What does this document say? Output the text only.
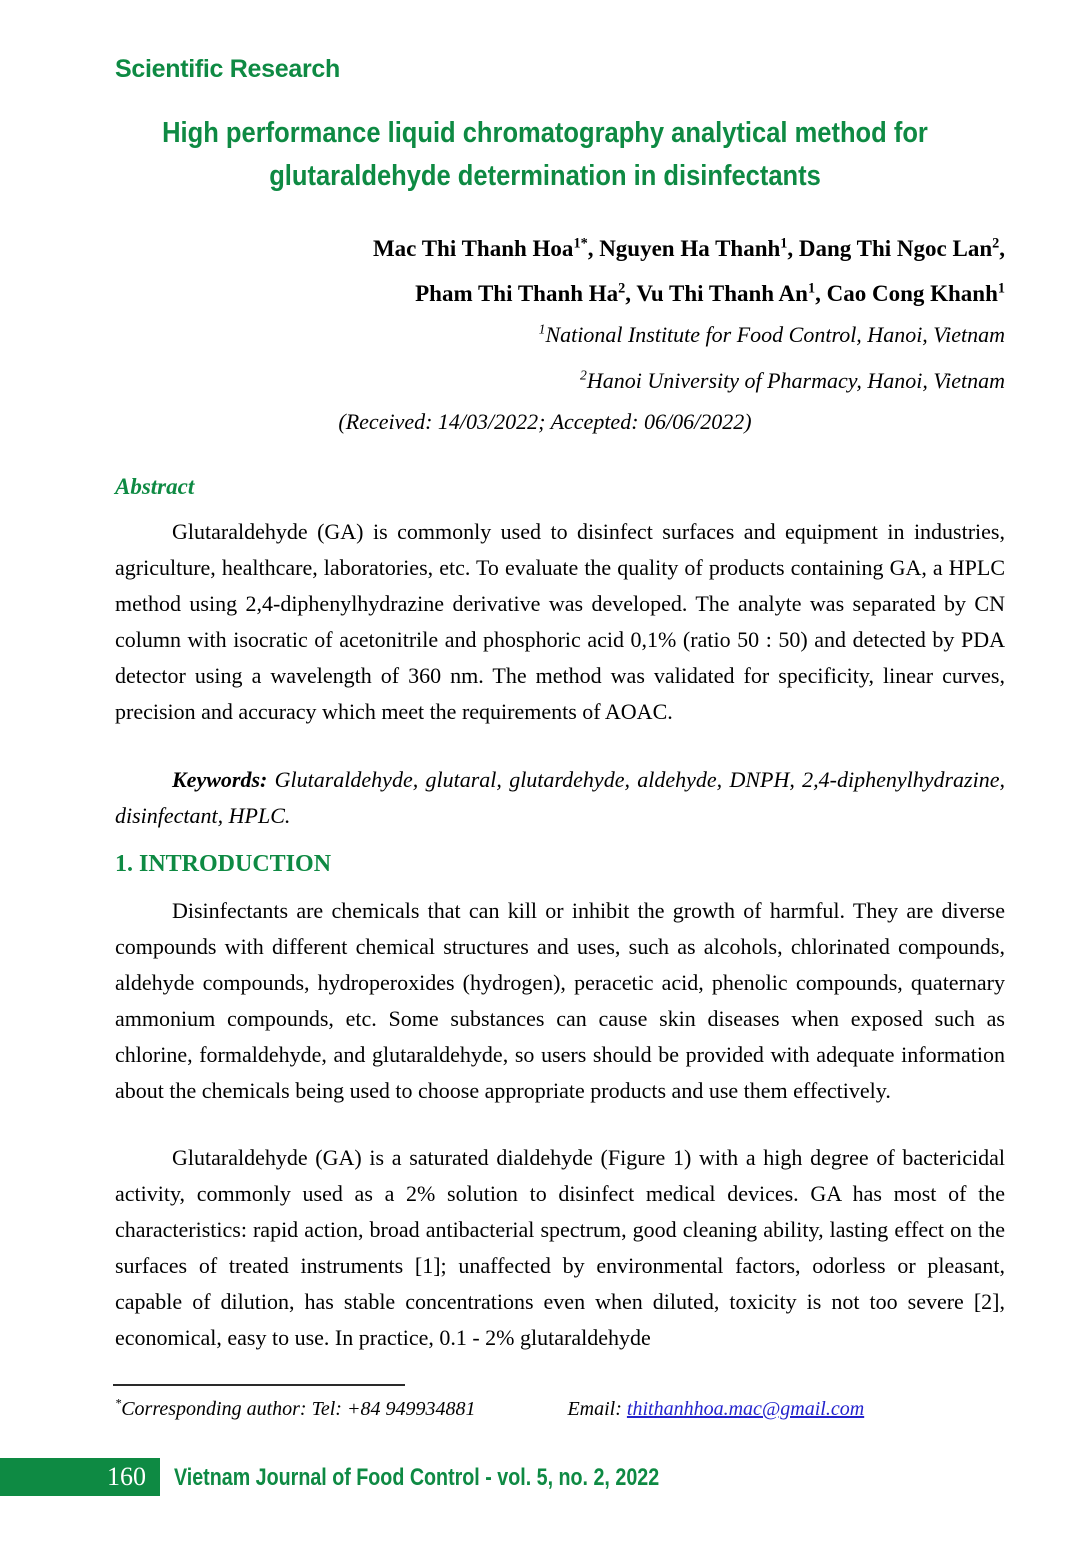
Scientific Research
High performance liquid chromatography analytical method for
glutaraldehyde determination in disinfectants
Mac Thi Thanh Hoa$^{1*}$, Nguyen Ha Thanh$^1$, Dang Thi Ngoc Lan$^2$,
Pham Thi Thanh Ha$^2$, Vu Thi Thanh An$^1$, Cao Cong Khanh$^1$
$^1$National Institute for Food Control, Hanoi, Vietnam
$^2$Hanoi University of Pharmacy, Hanoi, Vietnam
(Received: 14/03/2022; Accepted: 06/06/2022)
Abstract
Glutaraldehyde (GA) is commonly used to disinfect surfaces and equipment in industries, agriculture, healthcare, laboratories, etc. To evaluate the quality of products containing GA, a HPLC method using 2,4-diphenylhydrazine derivative was developed. The analyte was separated by CN column with isocratic of acetonitrile and phosphoric acid 0,1% (ratio 50 : 50) and detected by PDA detector using a wavelength of 360 nm. The method was validated for specificity, linear curves, precision and accuracy which meet the requirements of AOAC.
Keywords: Glutaraldehyde, glutaral, glutardehyde, aldehyde, DNPH, 2,4-diphenylhydrazine, disinfectant, HPLC.
1. INTRODUCTION
Disinfectants are chemicals that can kill or inhibit the growth of harmful. They are diverse compounds with different chemical structures and uses, such as alcohols, chlorinated compounds, aldehyde compounds, hydroperoxides (hydrogen), peracetic acid, phenolic compounds, quaternary ammonium compounds, etc. Some substances can cause skin diseases when exposed such as chlorine, formaldehyde, and glutaraldehyde, so users should be provided with adequate information about the chemicals being used to choose appropriate products and use them effectively.
Glutaraldehyde (GA) is a saturated dialdehyde (Figure 1) with a high degree of bactericidal activity, commonly used as a 2% solution to disinfect medical devices. GA has most of the characteristics: rapid action, broad antibacterial spectrum, good cleaning ability, lasting effect on the surfaces of treated instruments [1]; unaffected by environmental factors, odorless or pleasant, capable of dilution, has stable concentrations even when diluted, toxicity is not too severe [2], economical, easy to use. In practice, 0.1 - 2% glutaraldehyde
*Corresponding author: Tel: +84 949934881	Email: thithanhhoa.mac@gmail.com
160	Vietnam Journal of Food Control - vol. 5, no. 2, 2022
